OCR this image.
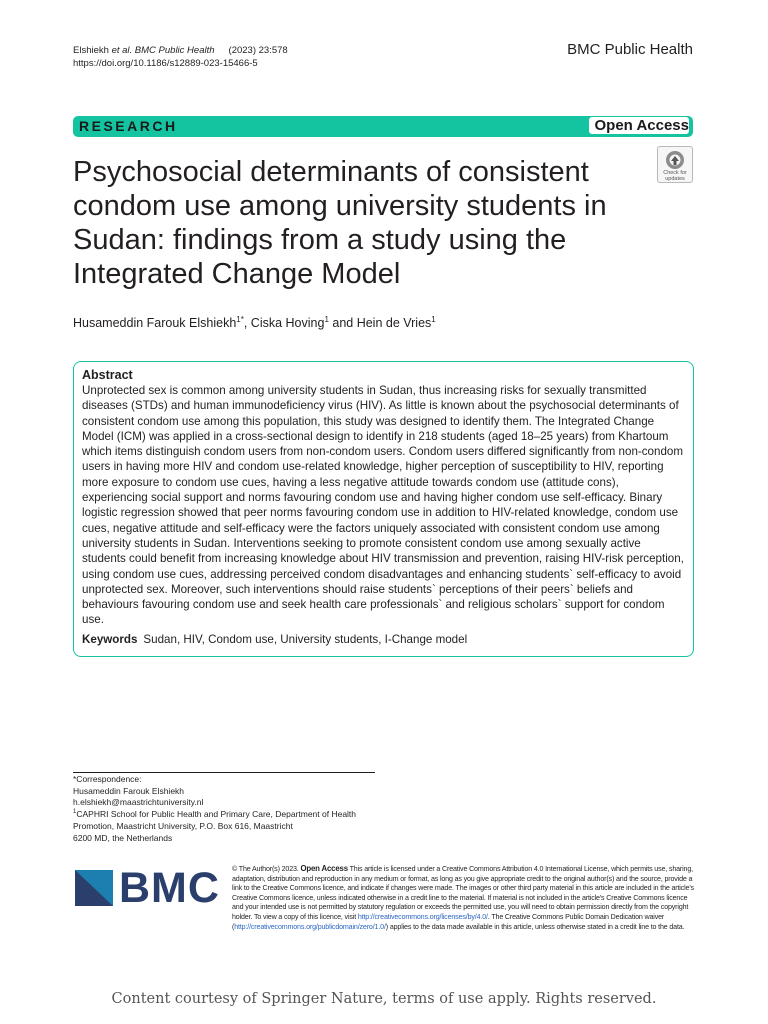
Elshiekh et al. BMC Public Health (2023) 23:578
https://doi.org/10.1186/s12889-023-15466-5
BMC Public Health
RESEARCH	Open Access
Psychosocial determinants of consistent condom use among university students in Sudan: findings from a study using the Integrated Change Model
Check for
updates
Husameddin Farouk Elshiekh$^{1*}$, Ciska Hoving$^1$ and Hein de Vries$^1$
Abstract

Unprotected sex is common among university students in Sudan, thus increasing risks for sexually transmitted diseases (STDs) and human immunodeficiency virus (HIV). As little is known about the psychosocial determinants of consistent condom use among this population, this study was designed to identify them. The Integrated Change Model (ICM) was applied in a cross-sectional design to identify in 218 students (aged 18–25 years) from Khartoum which items distinguish condom users from non-condom users. Condom users differed significantly from non-condom users in having more HIV and condom use-related knowledge, higher perception of susceptibility to HIV, reporting more exposure to condom use cues, having a less negative attitude towards condom use (attitude cons), experiencing social support and norms favouring condom use and having higher condom use self-efficacy. Binary logistic regression showed that peer norms favouring condom use in addition to HIV-related knowledge, condom use cues, negative attitude and self-efficacy were the factors uniquely associated with consistent condom use among university students in Sudan. Interventions seeking to promote consistent condom use among sexually active students could benefit from increasing knowledge about HIV transmission and prevention, raising HIV-risk perception, using condom use cues, addressing perceived condom disadvantages and enhancing students` self-efficacy to avoid unprotected sex. Moreover, such interventions should raise students` perceptions of their peers` beliefs and behaviours favouring condom use and seek health care professionals` and religious scholars` support for condom use.

Keywords Sudan, HIV, Condom use, University students, I-Change model
*Correspondence:
Husameddin Farouk Elshiekh
h.elshiekh@maastrichtuniversity.nl
$^1$CAPHRI School for Public Health and Primary Care, Department of Health
Promotion, Maastricht University, P.O. Box 616, Maastricht
6200 MD, the Netherlands
BMC © The Author(s) 2023. Open Access This article is licensed under a Creative Commons Attribution 4.0 International License, which permits use, sharing, adaptation, distribution and reproduction in any medium or format, as long as you give appropriate credit to the original author(s) and the source, provide a link to the Creative Commons licence, and indicate if changes were made. The images or other third party material in this article are included in the article's Creative Commons licence, unless indicated otherwise in a credit line to the material. If material is not included in the article's Creative Commons licence and your intended use is not permitted by statutory regulation or exceeds the permitted use, you will need to obtain permission directly from the copyright holder. To view a copy of this licence, visit http://creativecommons.org/licenses/by/4.0/. The Creative Commons Public Domain Dedication waiver (http://creativecommons.org/publicdomain/zero/1.0/) applies to the data made available in this article, unless otherwise stated in a credit line to the data.
Content courtesy of Springer Nature, terms of use apply. Rights reserved.
